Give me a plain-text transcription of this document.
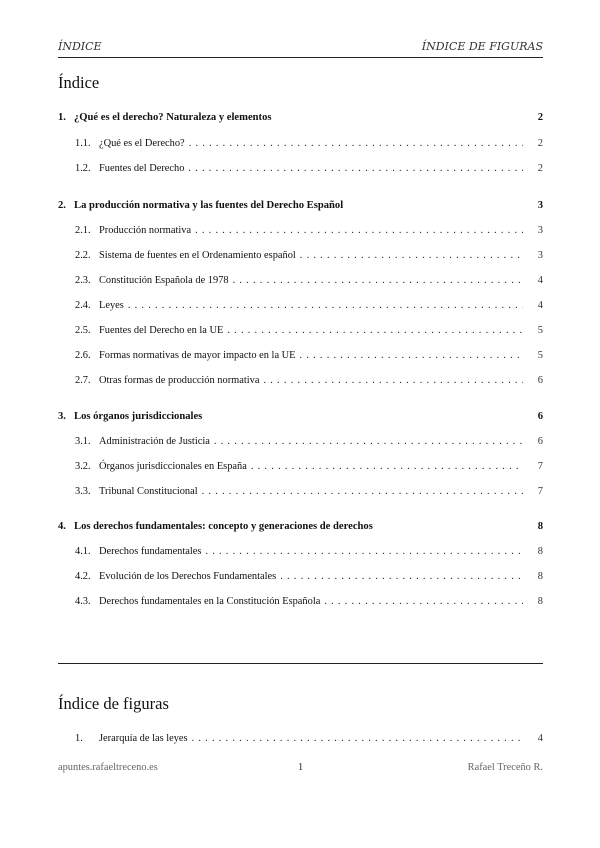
ÍNDICE	ÍNDICE DE FIGURAS
Índice
1. ¿Qué es el derecho? Naturaleza y elementos	2
1.1. ¿Qué es el Derecho? . . .	2
1.2. Fuentes del Derecho . . .	2
2. La producción normativa y las fuentes del Derecho Español	3
2.1. Producción normativa . . .	3
2.2. Sistema de fuentes en el Ordenamiento español . . .	3
2.3. Constitución Española de 1978 . . .	4
2.4. Leyes . . .	4
2.5. Fuentes del Derecho en la UE . . .	5
2.6. Formas normativas de mayor impacto en la UE . . .	5
2.7. Otras formas de producción normativa . . .	6
3. Los órganos jurisdiccionales	6
3.1. Administración de Justicia . . .	6
3.2. Órganos jurisdiccionales en España . . .	7
3.3. Tribunal Constitucional . . .	7
4. Los derechos fundamentales: concepto y generaciones de derechos	8
4.1. Derechos fundamentales . . .	8
4.2. Evolución de los Derechos Fundamentales . . .	8
4.3. Derechos fundamentales en la Constitución Española . . .	8
1.	Jerarquía de las leyes . . .	4
Índice de figuras
apuntes.rafaeltreceno.es	1	Rafael Treceño R.
